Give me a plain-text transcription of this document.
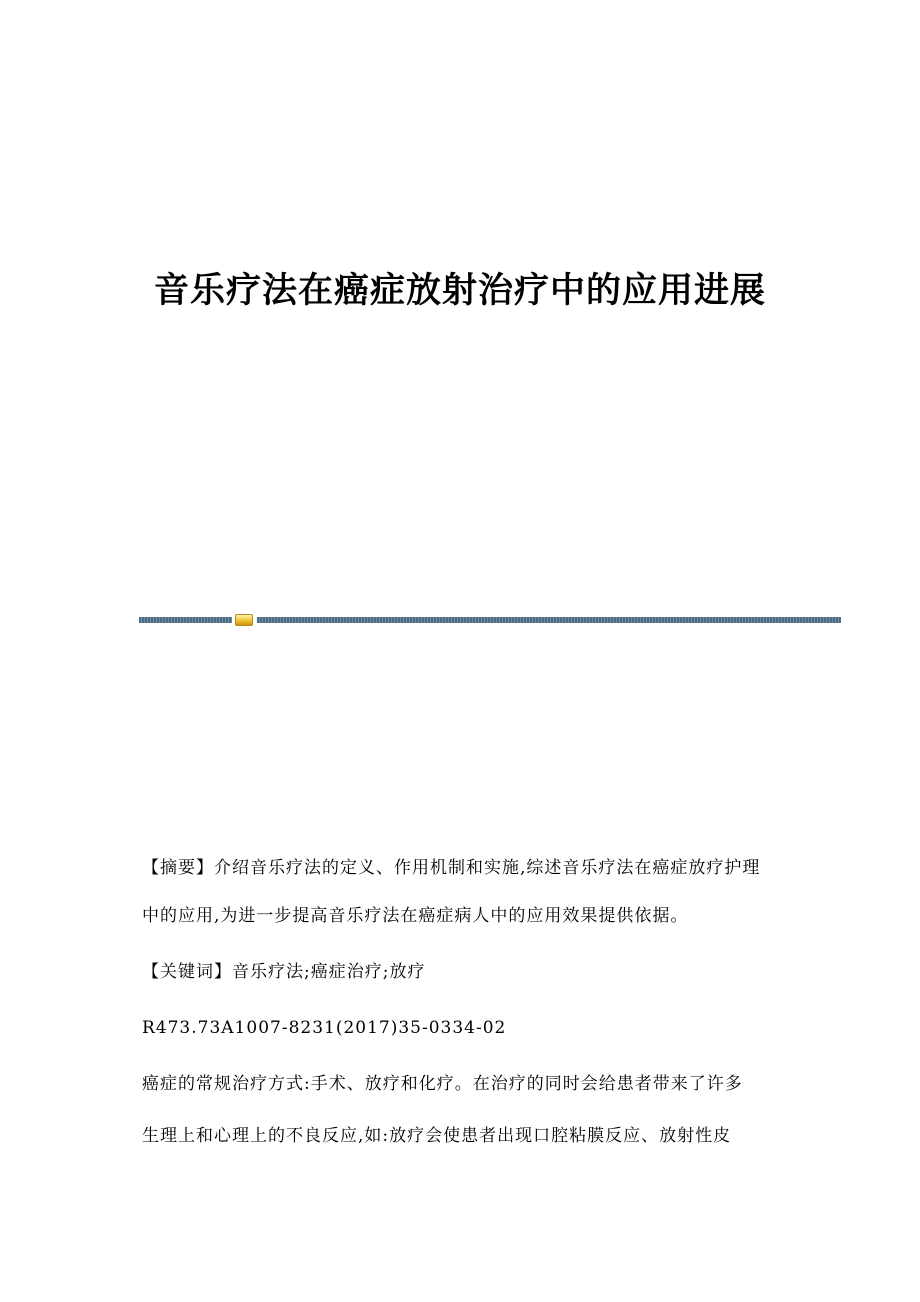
音乐疗法在癌症放射治疗中的应用进展

【摘要】介绍音乐疗法的定义、作用机制和实施,综述音乐疗法在癌症放疗护理

中的应用,为进一步提高音乐疗法在癌症病人中的应用效果提供依据。

【关键词】音乐疗法;癌症治疗;放疗

R473.73A1007-8231(2017)35-0334-02

癌症的常规治疗方式:手术、放疗和化疗。在治疗的同时会给患者带来了许多

生理上和心理上的不良反应,如:放疗会使患者出现口腔粘膜反应、放射性皮
